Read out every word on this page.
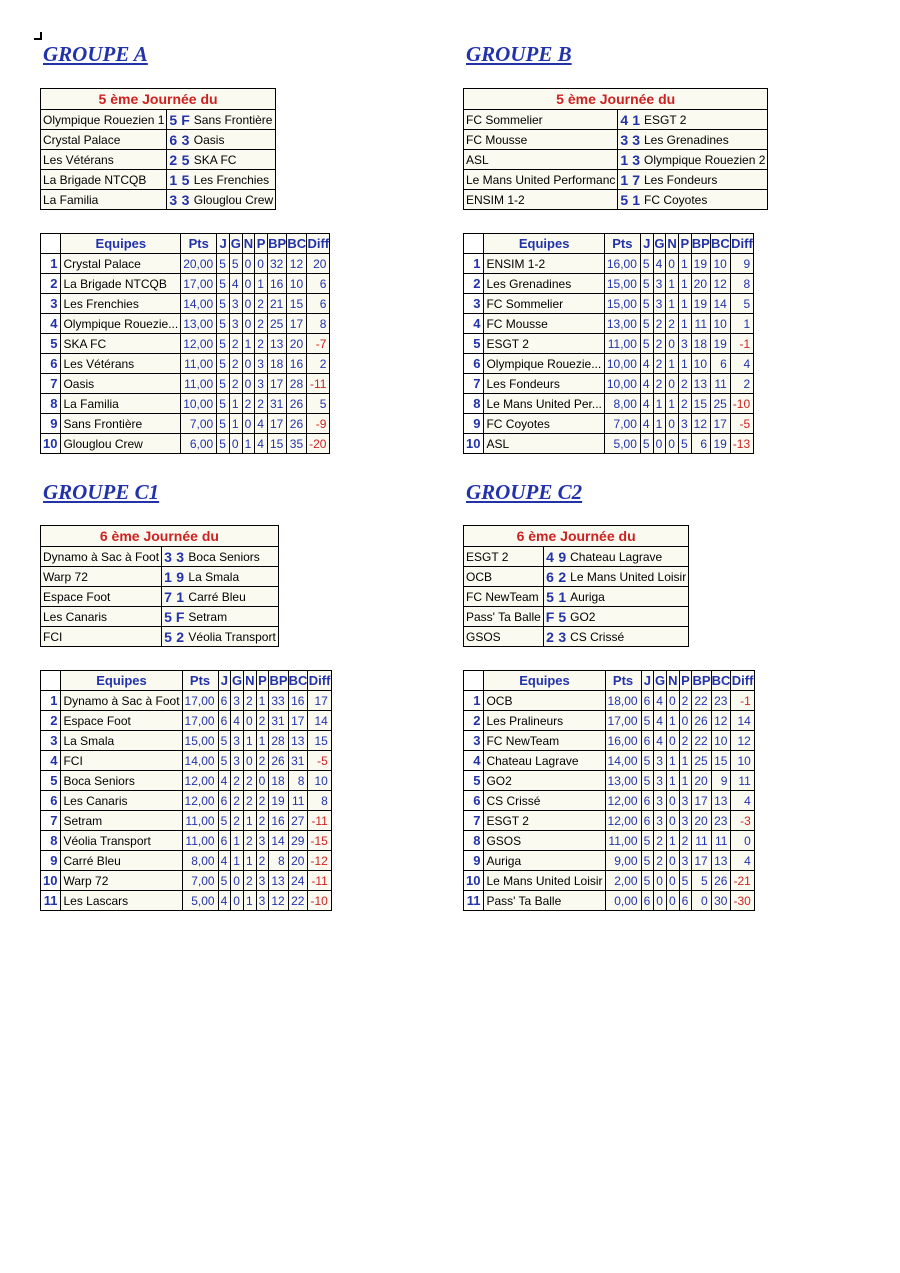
GROUPE A
5 ème Journée du			
Olympique Rouezien 1	5	F	Sans Frontière
Crystal Palace	6	3	Oasis
Les Vétérans	2	5	SKA FC
La Brigade NTCQB	1	5	Les Frenchies
La Familia	3	3	Glouglou Crew
	Equipes	Pts	J	G	N	P	BP	BC	Diff
1	Crystal Palace	20,00	5	5	0	0	32	12	20
2	La Brigade NTCQB	17,00	5	4	0	1	16	10	6
3	Les Frenchies	14,00	5	3	0	2	21	15	6
4	Olympique Rouezie...	13,00	5	3	0	2	25	17	8
5	SKA FC	12,00	5	2	1	2	13	20	-7
6	Les Vétérans	11,00	5	2	0	3	18	16	2
7	Oasis	11,00	5	2	0	3	17	28	-11
8	La Familia	10,00	5	1	2	2	31	26	5
9	Sans Frontière	7,00	5	1	0	4	17	26	-9
10	Glouglou Crew	6,00	5	0	1	4	15	35	-20
GROUPE B
5 ème Journée du			
FC Sommelier	4	1	ESGT 2
FC Mousse	3	3	Les Grenadines
ASL	1	3	Olympique Rouezien 2
Le Mans United Performanc	1	7	Les Fondeurs
ENSIM 1-2	5	1	FC Coyotes
	Equipes	Pts	J	G	N	P	BP	BC	Diff
1	ENSIM 1-2	16,00	5	4	0	1	19	10	9
2	Les Grenadines	15,00	5	3	1	1	20	12	8
3	FC Sommelier	15,00	5	3	1	1	19	14	5
4	FC Mousse	13,00	5	2	2	1	11	10	1
5	ESGT 2	11,00	5	2	0	3	18	19	-1
6	Olympique Rouezie...	10,00	4	2	1	1	10	6	4
7	Les Fondeurs	10,00	4	2	0	2	13	11	2
8	Le Mans United Per...	8,00	4	1	1	2	15	25	-10
9	FC Coyotes	7,00	4	1	0	3	12	17	-5
10	ASL	5,00	5	0	0	5	6	19	-13
GROUPE C1
6 ème Journée du			
Dynamo à Sac à Foot	3	3	Boca Seniors
Warp 72	1	9	La Smala
Espace Foot	7	1	Carré Bleu
Les Canaris	5	F	Setram
FCI	5	2	Véolia Transport
	Equipes	Pts	J	G	N	P	BP	BC	Diff
1	Dynamo à Sac à Foot	17,00	6	3	2	1	33	16	17
2	Espace Foot	17,00	6	4	0	2	31	17	14
3	La Smala	15,00	5	3	1	1	28	13	15
4	FCI	14,00	5	3	0	2	26	31	-5
5	Boca Seniors	12,00	4	2	2	0	18	8	10
6	Les Canaris	12,00	6	2	2	2	19	11	8
7	Setram	11,00	5	2	1	2	16	27	-11
8	Véolia Transport	11,00	6	1	2	3	14	29	-15
9	Carré Bleu	8,00	4	1	1	2	8	20	-12
10	Warp 72	7,00	5	0	2	3	13	24	-11
11	Les Lascars	5,00	4	0	1	3	12	22	-10
GROUPE C2
6 ème Journée du			
ESGT 2	4	9	Chateau Lagrave
OCB	6	2	Le Mans United Loisir
FC NewTeam	5	1	Auriga
Pass' Ta Balle	F	5	GO2
GSOS	2	3	CS Crissé
	Equipes	Pts	J	G	N	P	BP	BC	Diff
1	OCB	18,00	6	4	0	2	22	23	-1
2	Les Pralineurs	17,00	5	4	1	0	26	12	14
3	FC NewTeam	16,00	6	4	0	2	22	10	12
4	Chateau Lagrave	14,00	5	3	1	1	25	15	10
5	GO2	13,00	5	3	1	1	20	9	11
6	CS Crissé	12,00	6	3	0	3	17	13	4
7	ESGT 2	12,00	6	3	0	3	20	23	-3
8	GSOS	11,00	5	2	1	2	11	11	0
9	Auriga	9,00	5	2	0	3	17	13	4
10	Le Mans United Loisir	2,00	5	0	0	5	5	26	-21
11	Pass' Ta Balle	0,00	6	0	0	6	0	30	-30
